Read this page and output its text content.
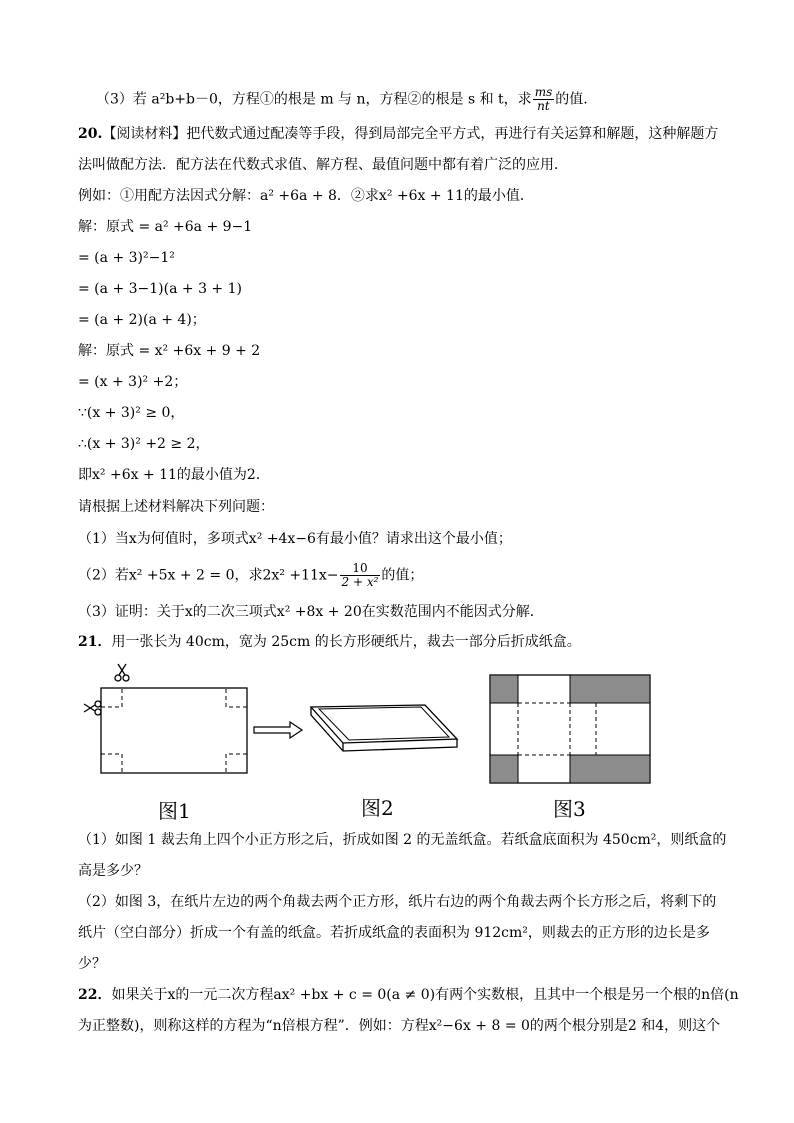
（3）若 a²b+b－0，方程①的根是 m 与 n，方程②的根是 s 和 t，求 $\frac{ms}{nt}$ 的值.
20.【阅读材料】把代数式通过配凑等手段，得到局部完全平方式，再进行有关运算和解题，这种解题方
法叫做配方法．配方法在代数式求值、解方程、最值问题中都有着广泛的应用．
例如：①用配方法因式分解：a² +6a + 8．②求x² +6x + 11的最小值．
解：原式 = a² +6a + 9−1
= (a + 3)²−1²
= (a + 3−1)(a + 3 + 1)
= (a + 2)(a + 4)；
解：原式 = x² +6x + 9 + 2
= (x + 3)² +2；
∵(x + 3)² ≥ 0，
∴(x + 3)² +2 ≥ 2，
即x² +6x + 11的最小值为2．
请根据上述材料解决下列问题：
（1）当x为何值时，多项式x² +4x−6有最小值？请求出这个最小值；
（2）若x² +5x + 2 = 0，求$2x^2 +11x- \frac{10}{\text{2 + x²}}$ 的值；
（3）证明：关于x的二次三项式x² +8x + 20在实数范围内不能因式分解．
21．用一张长为 40cm，宽为 25cm 的长方形硬纸片，裁去一部分后折成纸盒。
图1	图2	图3
（1）如图 1 裁去角上四个小正方形之后，折成如图 2 的无盖纸盒。若纸盒底面积为 450cm²，则纸盒的
高是多少？
（2）如图 3，在纸片左边的两个角裁去两个正方形，纸片右边的两个角裁去两个长方形之后，将剩下的
纸片（空白部分）折成一个有盖的纸盒。若折成纸盒的表面积为 912cm²，则裁去的正方形的边长是多
少？
22．如果关于x的一元二次方程ax² +bx + c = 0(a ≠ 0)有两个实数根，且其中一个根是另一个根的n倍(n
为正整数)，则称这样的方程为“n倍根方程”．例如：方程x²−6x + 8 = 0的两个根分别是2 和4，则这个
